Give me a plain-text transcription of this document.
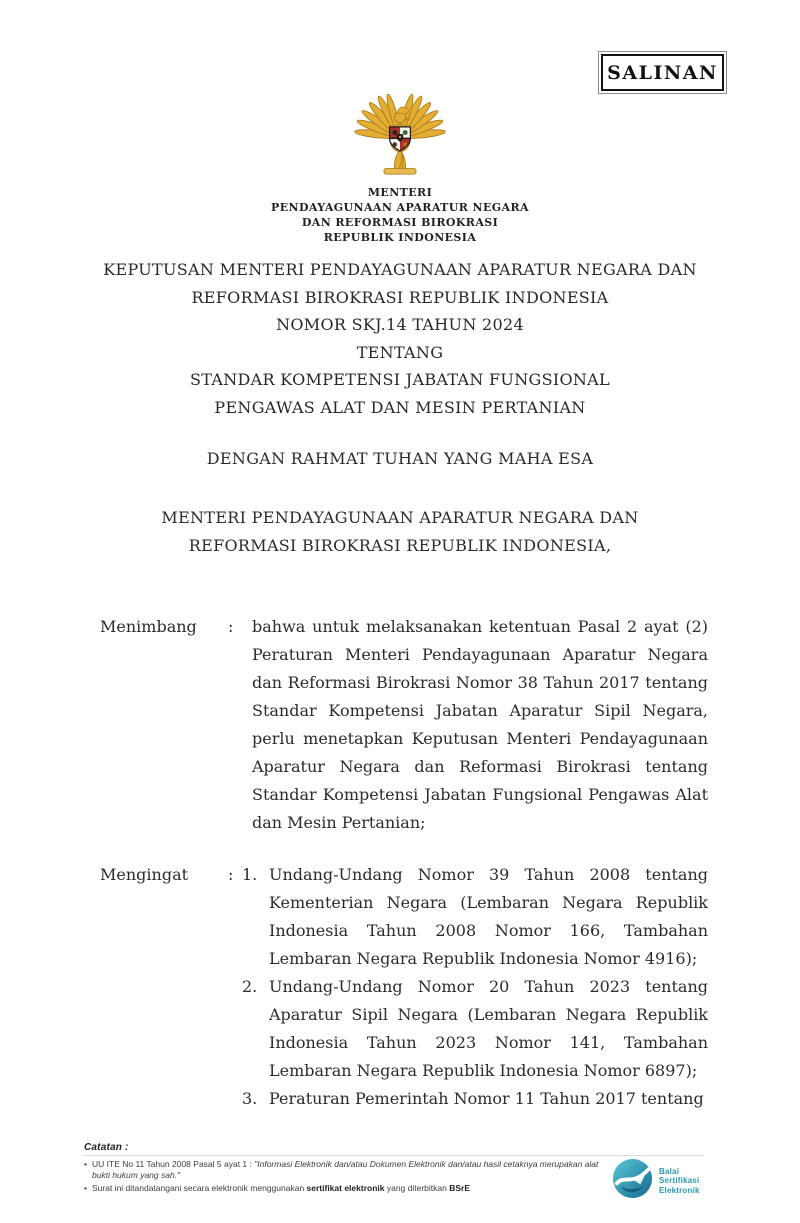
SALINAN
MENTERI
PENDAYAGUNAAN APARATUR NEGARA
DAN REFORMASI BIROKRASI
REPUBLIK INDONESIA
KEPUTUSAN MENTERI PENDAYAGUNAAN APARATUR NEGARA DAN
REFORMASI BIROKRASI REPUBLIK INDONESIA
NOMOR SKJ.14 TAHUN 2024
TENTANG
STANDAR KOMPETENSI JABATAN FUNGSIONAL
PENGAWAS ALAT DAN MESIN PERTANIAN
DENGAN RAHMAT TUHAN YANG MAHA ESA
MENTERI PENDAYAGUNAAN APARATUR NEGARA DAN
REFORMASI BIROKRASI REPUBLIK INDONESIA,
Menimbang	:	bahwa untuk melaksanakan ketentuan Pasal 2 ayat (2) Peraturan Menteri Pendayagunaan Aparatur Negara dan Reformasi Birokrasi Nomor 38 Tahun 2017 tentang Standar Kompetensi Jabatan Aparatur Sipil Negara, perlu menetapkan Keputusan Menteri Pendayagunaan Aparatur Negara dan Reformasi Birokrasi tentang Standar Kompetensi Jabatan Fungsional Pengawas Alat dan Mesin Pertanian;
Mengingat	: 1. Undang-Undang Nomor 39 Tahun 2008 tentang Kementerian Negara (Lembaran Negara Republik Indonesia Tahun 2008 Nomor 166, Tambahan Lembaran Negara Republik Indonesia Nomor 4916);
2. Undang-Undang Nomor 20 Tahun 2023 tentang Aparatur Sipil Negara (Lembaran Negara Republik Indonesia Tahun 2023 Nomor 141, Tambahan Lembaran Negara Republik Indonesia Nomor 6897);
3. Peraturan Pemerintah Nomor 11 Tahun 2017 tentang
Catatan :
• UU ITE No 11 Tahun 2008 Pasal 5 ayat 1 : "Informasi Elektronik dan/atau Dokumen Elektronik dan/atau hasil cetaknya merupakan alat bukti hukum yang sah."
• Surat ini ditandatangani secara elektronik menggunakan sertifikat elektronik yang diterbitkan BSrE
Balai
Sertifikasi
Elektronik
